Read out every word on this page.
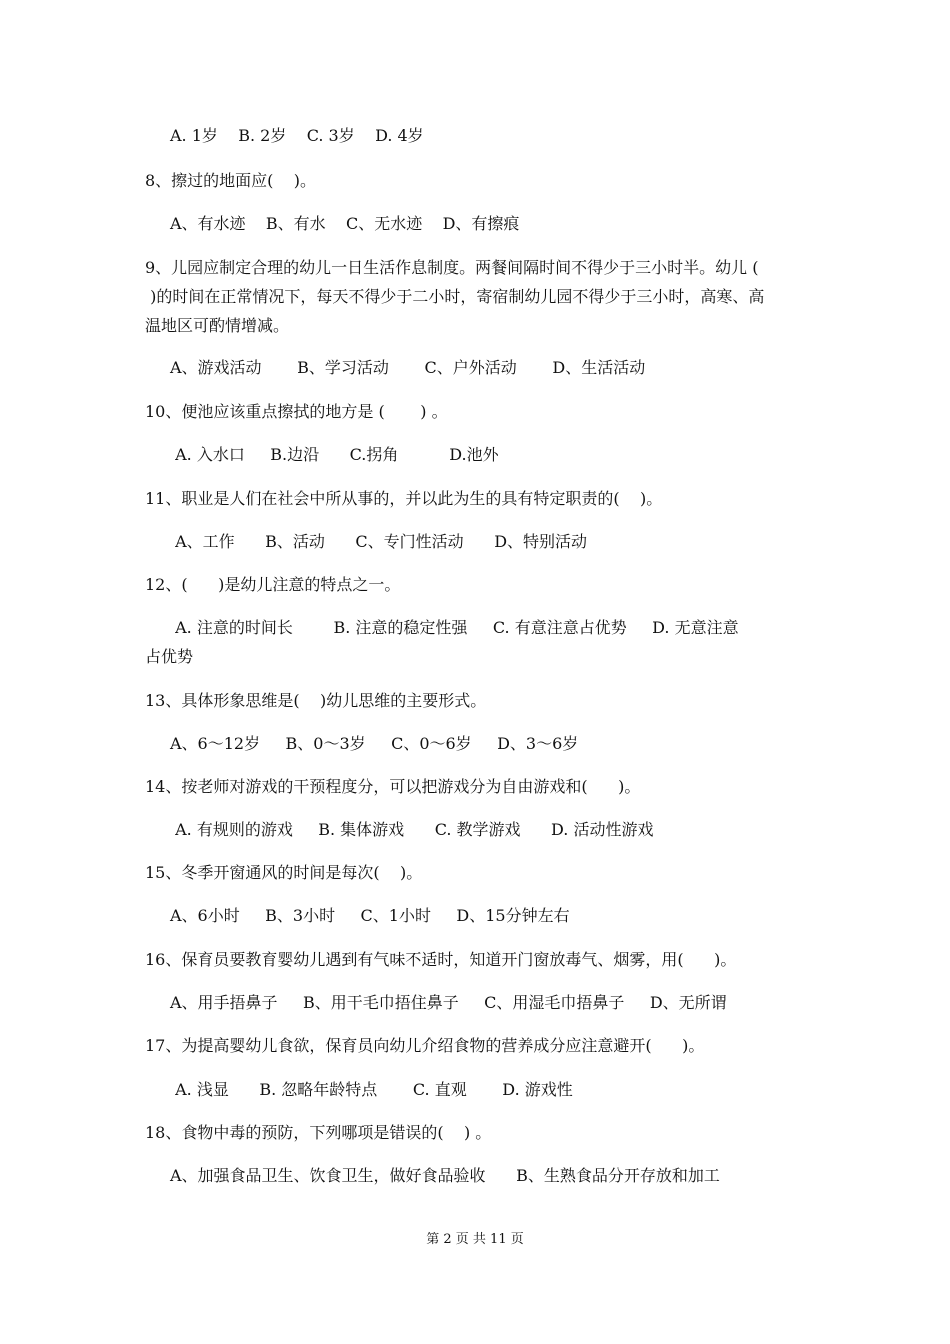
A. 1岁    B. 2岁    C. 3岁    D. 4岁
8、擦过的地面应(    )。
A、有水迹    B、有水    C、无水迹    D、有擦痕
9、儿园应制定合理的幼儿一日生活作息制度。两餐间隔时间不得少于三小时半。幼儿 (
)的时间在正常情况下，每天不得少于二小时，寄宿制幼儿园不得少于三小时，高寒、高
温地区可酌情增减。
A、游戏活动       B、学习活动       C、户外活动       D、生活活动
10、便池应该重点擦拭的地方是 (       ) 。
A. 入水口     B.边沿      C.拐角          D.池外
11、职业是人们在社会中所从事的，并以此为生的具有特定职责的(    )。
A、工作      B、活动      C、专门性活动      D、特别活动
12、(      )是幼儿注意的特点之一。
A. 注意的时间长        B. 注意的稳定性强     C. 有意注意占优势     D. 无意注意
占优势
13、具体形象思维是(    )幼儿思维的主要形式。
A、6～12岁     B、0～3岁     C、0～6岁     D、3～6岁
14、按老师对游戏的干预程度分，可以把游戏分为自由游戏和(      )。
A. 有规则的游戏     B. 集体游戏      C. 教学游戏      D. 活动性游戏
15、冬季开窗通风的时间是每次(    )。
A、6小时     B、3小时     C、1小时     D、15分钟左右
16、保育员要教育婴幼儿遇到有气味不适时，知道开门窗放毒气、烟雾，用(      )。
A、用手捂鼻子     B、用干毛巾捂住鼻子     C、用湿毛巾捂鼻子     D、无所谓
17、为提高婴幼儿食欲，保育员向幼儿介绍食物的营养成分应注意避开(      )。
A. 浅显      B. 忽略年龄特点       C. 直观       D. 游戏性
18、食物中毒的预防，下列哪项是错误的(    ) 。
A、加强食品卫生、饮食卫生，做好食品验收      B、生熟食品分开存放和加工
第 2 页 共 11 页
